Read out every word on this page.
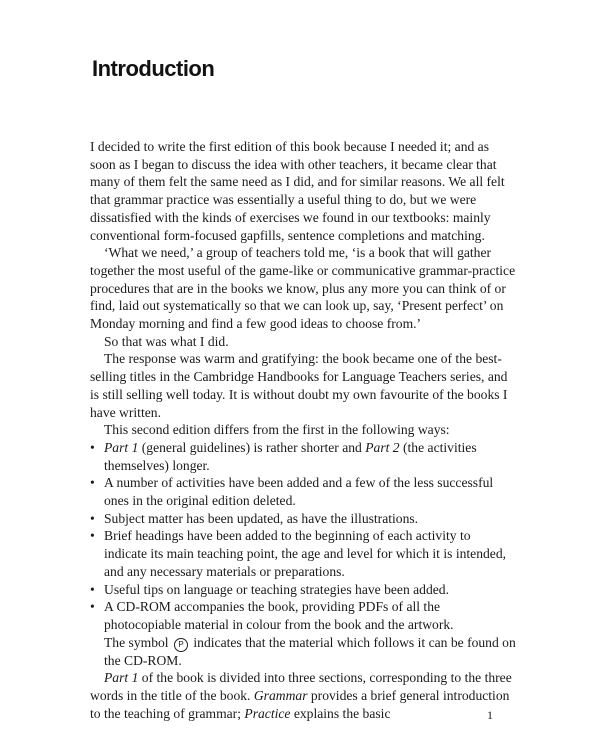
Introduction

I decided to write the first edition of this book because I needed it; and as soon as I began to discuss the idea with other teachers, it became clear that many of them felt the same need as I did, and for similar reasons. We all felt that grammar practice was essentially a useful thing to do, but we were dissatisfied with the kinds of exercises we found in our textbooks: mainly conventional form-focused gapfills, sentence completions and matching.

‘What we need,’ a group of teachers told me, ‘is a book that will gather together the most useful of the game-like or communicative grammar-practice procedures that are in the books we know, plus any more you can think of or find, laid out systematically so that we can look up, say, ‘Present perfect’ on Monday morning and find a few good ideas to choose from.’

So that was what I did.

The response was warm and gratifying: the book became one of the best-selling titles in the Cambridge Handbooks for Language Teachers series, and is still selling well today. It is without doubt my own favourite of the books I have written.

This second edition differs from the first in the following ways:

• Part 1 (general guidelines) is rather shorter and Part 2 (the activities themselves) longer.
• A number of activities have been added and a few of the less successful ones in the original edition deleted.
• Subject matter has been updated, as have the illustrations.
• Brief headings have been added to the beginning of each activity to indicate its main teaching point, the age and level for which it is intended, and any necessary materials or preparations.
• Useful tips on language or teaching strategies have been added.
• A CD-ROM accompanies the book, providing PDFs of all the photocopiable material in colour from the book and the artwork.
The symbol P indicates that the material which follows it can be found on the CD-ROM.

Part 1 of the book is divided into three sections, corresponding to the three words in the title of the book. Grammar provides a brief general introduction to the teaching of grammar; Practice explains the basic	1
